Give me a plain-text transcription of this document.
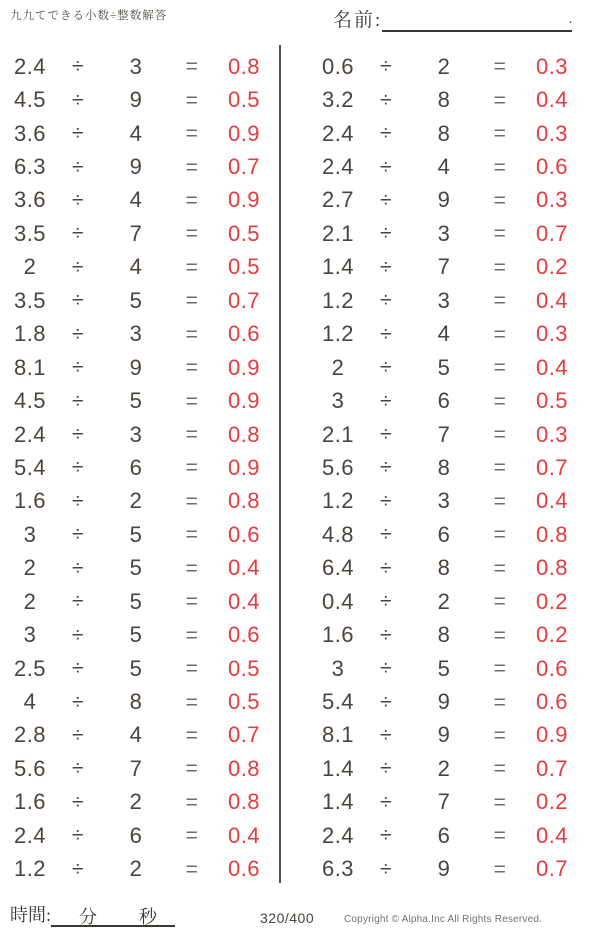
九九てできる小数÷整数解答	名前:	.
2.4	÷	3	=	0.8
4.5	÷	9	=	0.5
3.6	÷	4	=	0.9
6.3	÷	9	=	0.7
3.6	÷	4	=	0.9
3.5	÷	7	=	0.5
2	÷	4	=	0.5
3.5	÷	5	=	0.7
1.8	÷	3	=	0.6
8.1	÷	9	=	0.9
4.5	÷	5	=	0.9
2.4	÷	3	=	0.8
5.4	÷	6	=	0.9
1.6	÷	2	=	0.8
3	÷	5	=	0.6
2	÷	5	=	0.4
2	÷	5	=	0.4
3	÷	5	=	0.6
2.5	÷	5	=	0.5
4	÷	8	=	0.5
2.8	÷	4	=	0.7
5.6	÷	7	=	0.8
1.6	÷	2	=	0.8
2.4	÷	6	=	0.4
1.2	÷	2	=	0.6
0.6	÷	2	=	0.3
3.2	÷	8	=	0.4
2.4	÷	8	=	0.3
2.4	÷	4	=	0.6
2.7	÷	9	=	0.3
2.1	÷	3	=	0.7
1.4	÷	7	=	0.2
1.2	÷	3	=	0.4
1.2	÷	4	=	0.3
2	÷	5	=	0.4
3	÷	6	=	0.5
2.1	÷	7	=	0.3
5.6	÷	8	=	0.7
1.2	÷	3	=	0.4
4.8	÷	6	=	0.8
6.4	÷	8	=	0.8
0.4	÷	2	=	0.2
1.6	÷	8	=	0.2
3	÷	5	=	0.6
5.4	÷	9	=	0.6
8.1	÷	9	=	0.9
1.4	÷	2	=	0.7
1.4	÷	7	=	0.2
2.4	÷	6	=	0.4
6.3	÷	9	=	0.7
時間: 分 秒	320/400	Copyright © Alpha.Inc All Rights Reserved.
